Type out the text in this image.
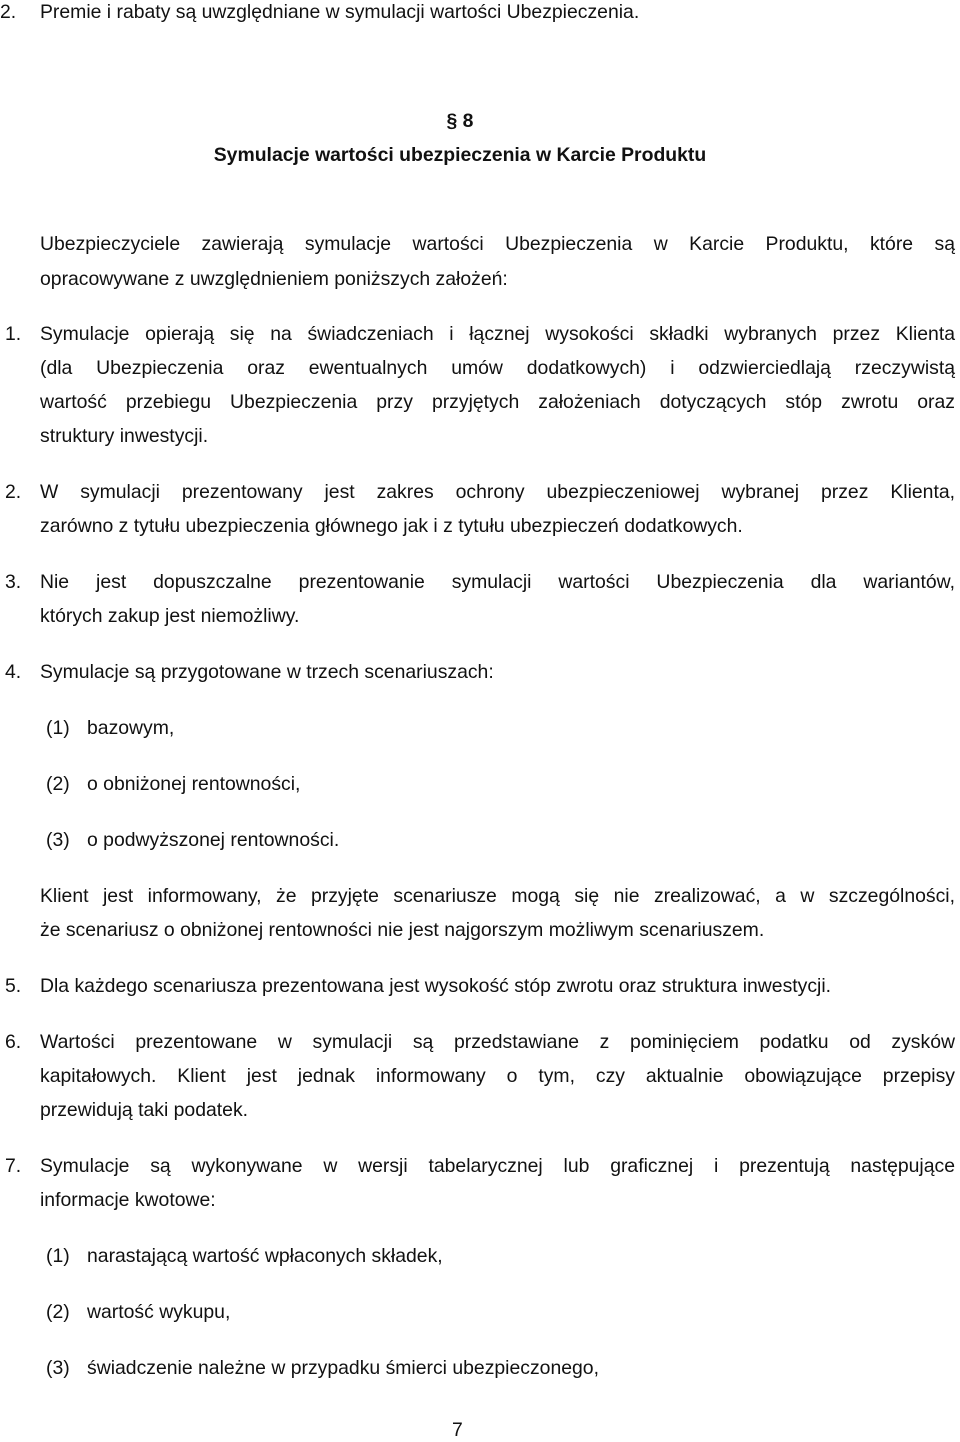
2. Premie i rabaty są uwzględniane w symulacji wartości Ubezpieczenia.
§ 8
Symulacje wartości ubezpieczenia w Karcie Produktu
Ubezpieczyciele zawierają symulacje wartości Ubezpieczenia w Karcie Produktu, które są
opracowywane z uwzględnieniem poniższych założeń:
1. Symulacje opierają się na świadczeniach i łącznej wysokości składki wybranych przez Klienta
(dla Ubezpieczenia oraz ewentualnych umów dodatkowych) i odzwierciedlają rzeczywistą
wartość przebiegu Ubezpieczenia przy przyjętych założeniach dotyczących stóp zwrotu oraz
struktury inwestycji.
2. W symulacji prezentowany jest zakres ochrony ubezpieczeniowej wybranej przez Klienta,
zarówno z tytułu ubezpieczenia głównego jak i z tytułu ubezpieczeń dodatkowych.
3. Nie jest dopuszczalne prezentowanie symulacji wartości Ubezpieczenia dla wariantów,
których zakup jest niemożliwy.
4. Symulacje są przygotowane w trzech scenariuszach:
(1) bazowym,
(2) o obniżonej rentowności,
(3) o podwyższonej rentowności.
Klient jest informowany, że przyjęte scenariusze mogą się nie zrealizować, a w szczególności,
że scenariusz o obniżonej rentowności nie jest najgorszym możliwym scenariuszem.
5. Dla każdego scenariusza prezentowana jest wysokość stóp zwrotu oraz struktura inwestycji.
6. Wartości prezentowane w symulacji są przedstawiane z pominięciem podatku od zysków
kapitałowych. Klient jest jednak informowany o tym, czy aktualnie obowiązujące przepisy
przewidują taki podatek.
7. Symulacje są wykonywane w wersji tabelarycznej lub graficznej i prezentują następujące
informacje kwotowe:
(1) narastającą wartość wpłaconych składek,
(2) wartość wykupu,
(3) świadczenie należne w przypadku śmierci ubezpieczonego,
7
